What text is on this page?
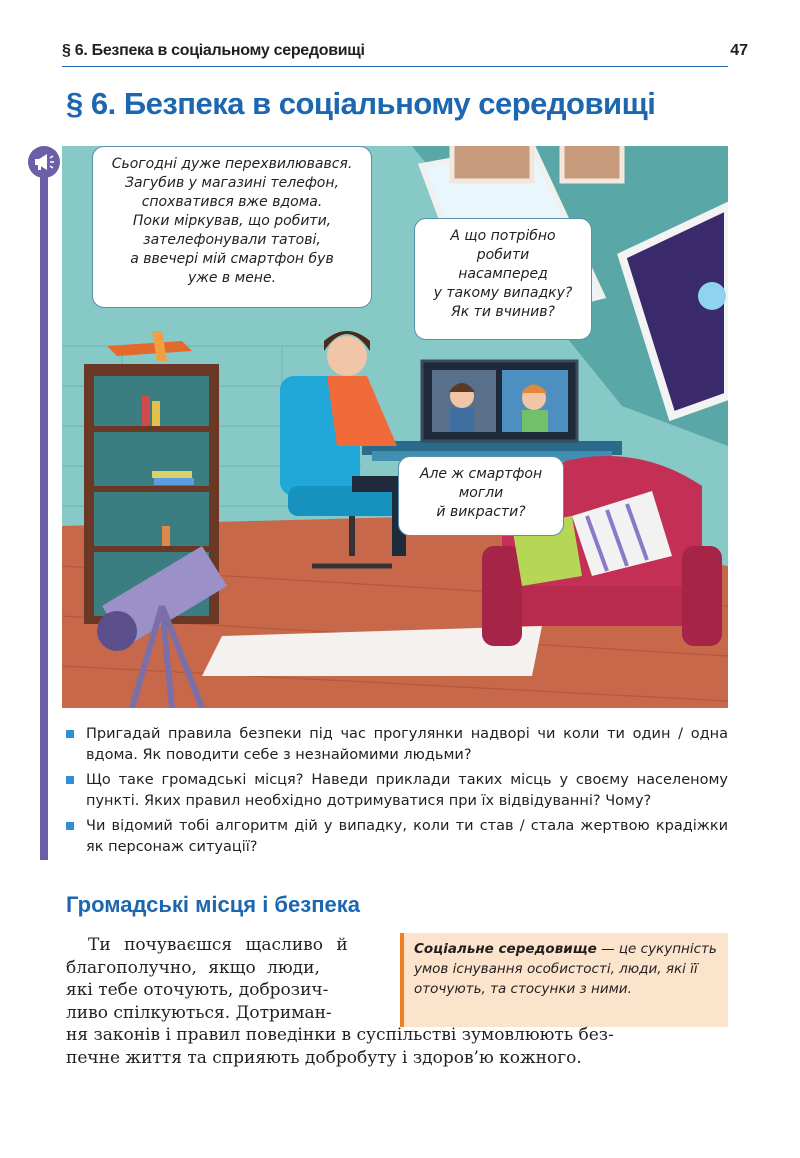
§ 6. Безпека в соціальному середовищі	47
§ 6. Безпека в соціальному середовищі
Сьогодні дуже перехвилювався.
Загубив у магазині телефон,
спохватився вже вдома.
Поки міркував, що робити,
зателефонували татові,
а ввечері мій смартфон був
уже в мене.
А що потрібно
робити
насамперед
у такому випадку?
Як ти вчинив?
Але ж смартфон
могли
й викрасти?
Пригадай правила безпеки під час прогулянки надворі чи коли ти один / одна вдома. Як поводити себе з незнайомими людьми?
Що таке громадські місця? Наведи приклади таких місць у своєму населеному пункті. Яких правил необхідно дотримуватися при їх відвідуванні? Чому?
Чи відомий тобі алгоритм дій у випадку, коли ти став / стала жертвою крадіжки як персонаж ситуації?
Громадські місця і безпека
Соціальне середовище — це сукупність умов існування особистості, люди, які її оточують, та стосунки з ними.
Ти почуваєшся щасливо й
благополучно, якщо люди,
які тебе оточують, доброзич-
ливо спілкуються. Дотриман-
ня законів і правил поведінки в суспільстві зумовлюють без-
печне життя та сприяють добробуту і здоров’ю кожного.
